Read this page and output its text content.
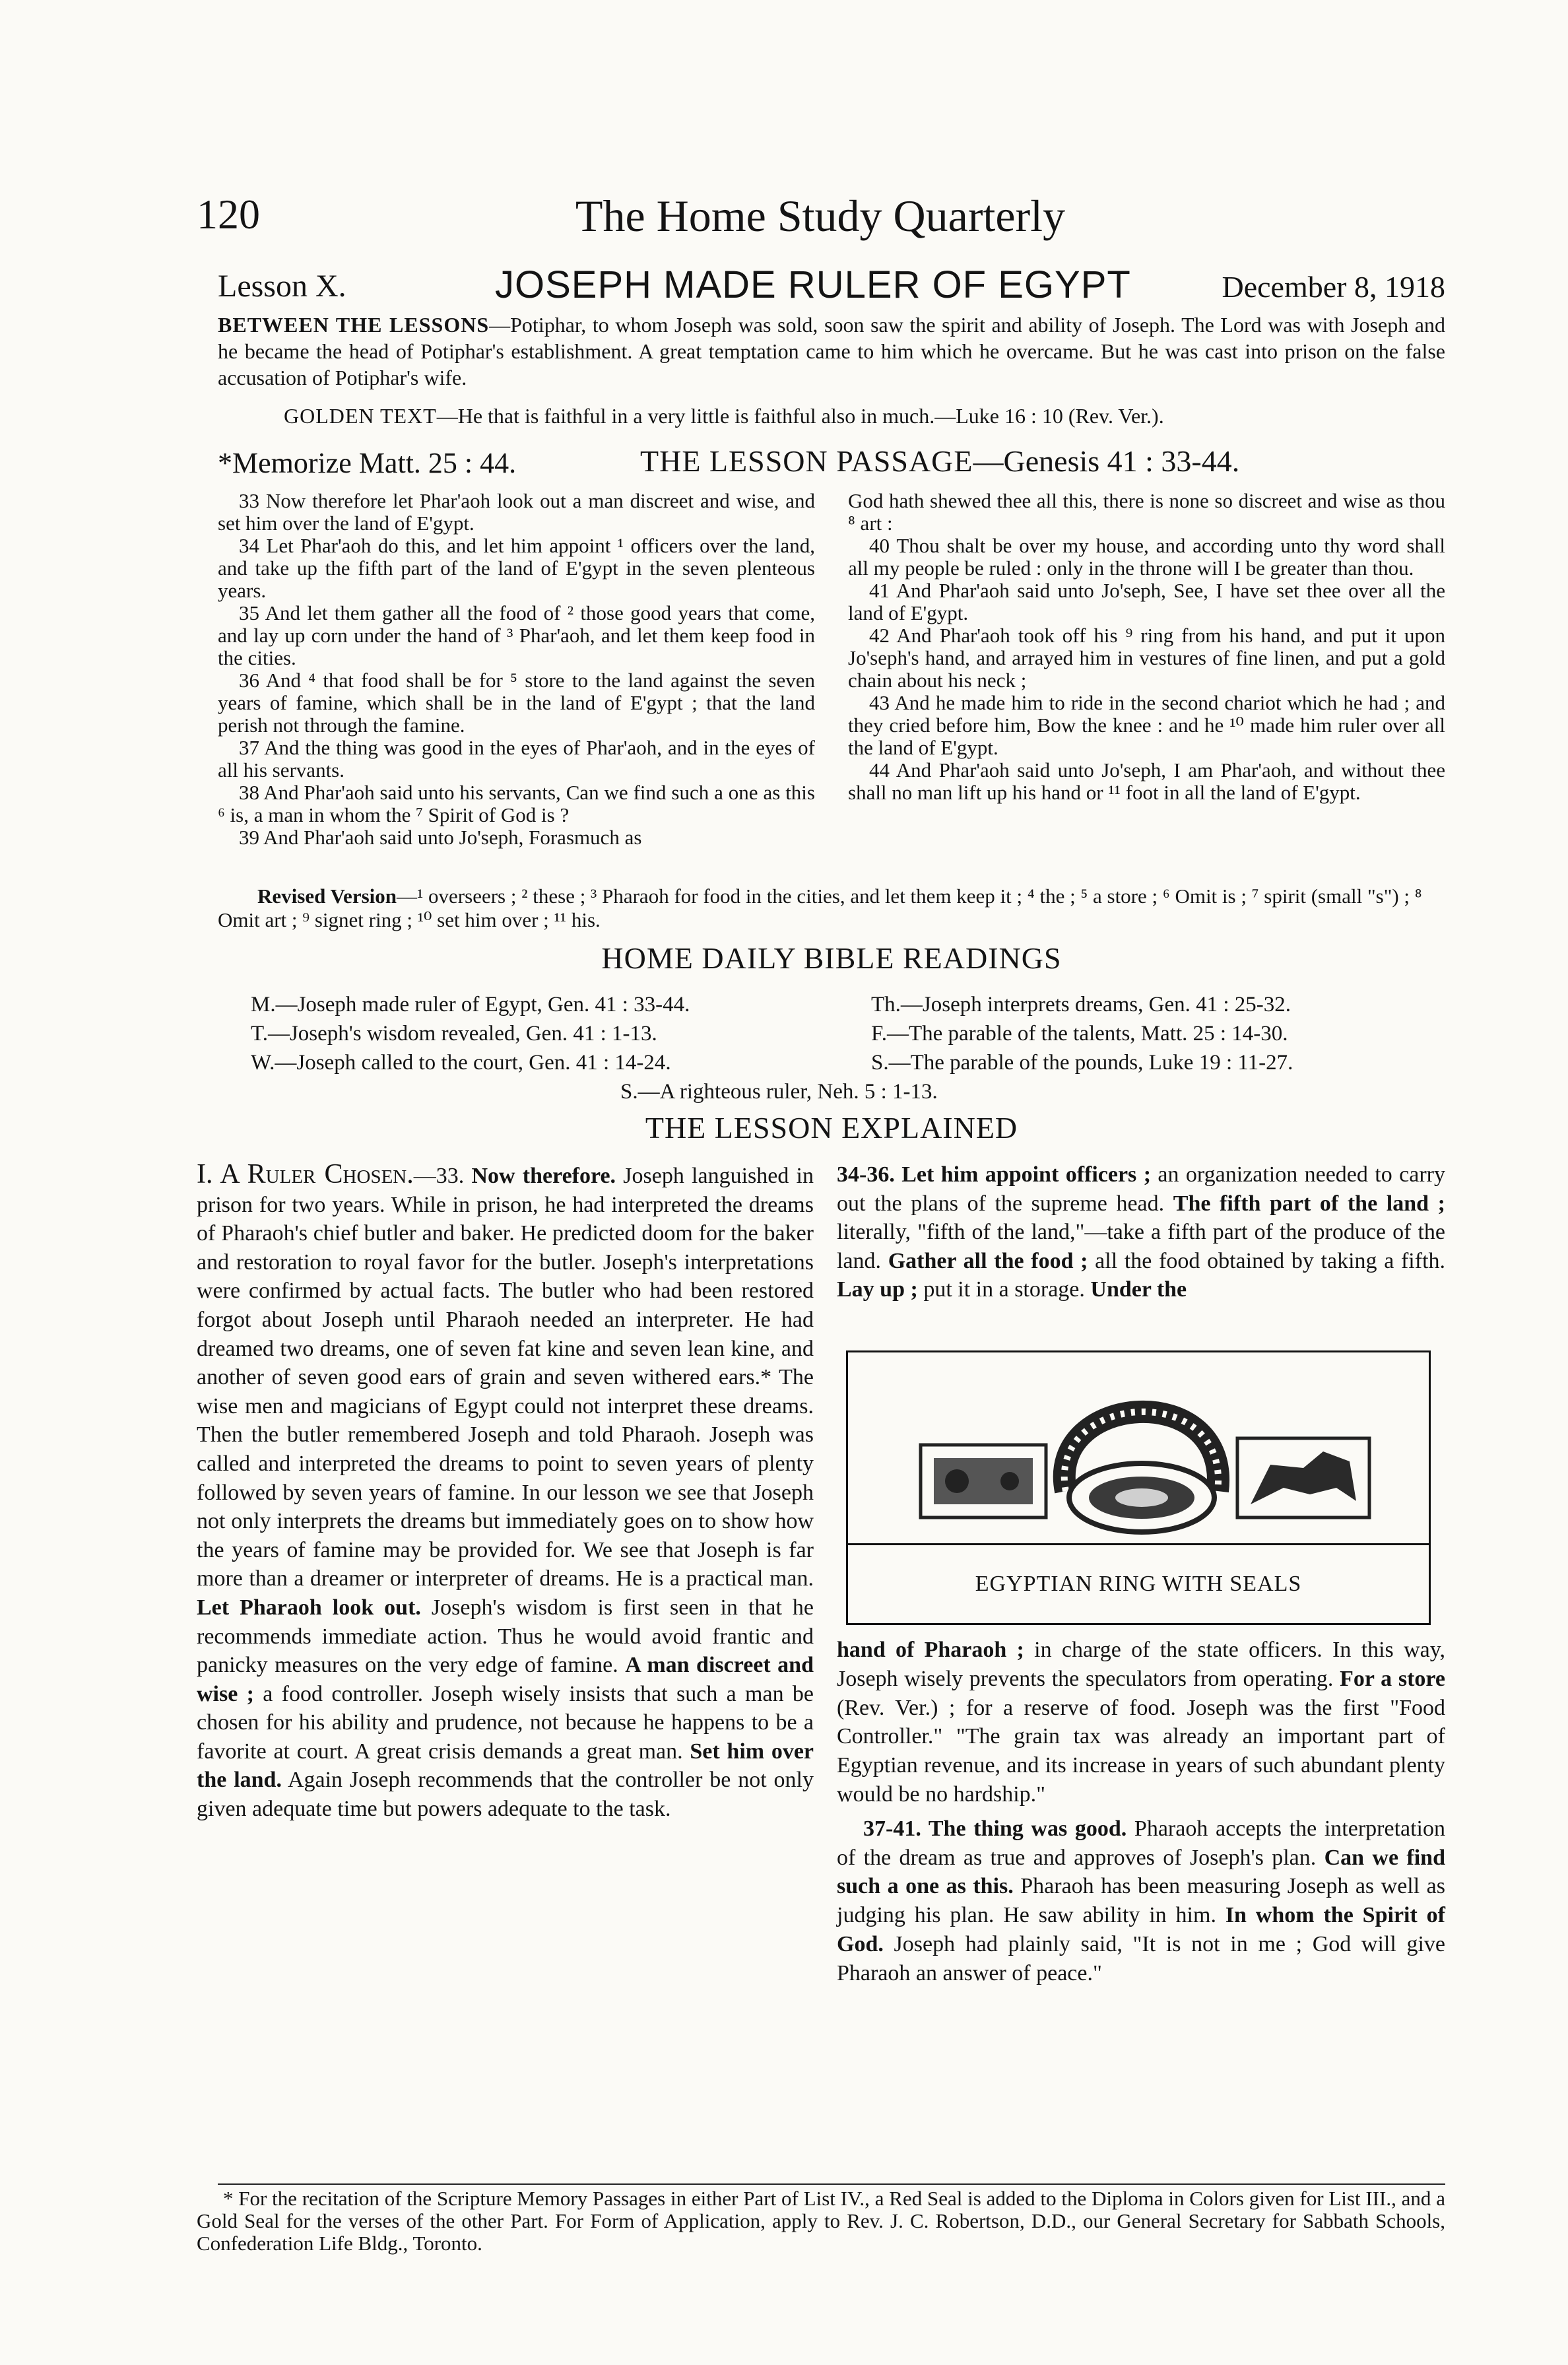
120	The Home Study Quarterly
Lesson X.	JOSEPH MADE RULER OF EGYPT	December 8, 1918
BETWEEN THE LESSONS—Potiphar, to whom Joseph was sold, soon saw the spirit and ability of Joseph. The Lord was with Joseph and he became the head of Potiphar's establishment. A great temptation came to him which he overcame. But he was cast into prison on the false accusation of Potiphar's wife.
GOLDEN TEXT—He that is faithful in a very little is faithful also in much.—Luke 16 : 10 (Rev. Ver.).
*Memorize Matt. 25 : 44.	THE LESSON PASSAGE—Genesis 41 : 33-44.

33 Now therefore let Phar'aoh look out a man discreet and wise, and set him over the land of E'gypt.

34 Let Phar'aoh do this, and let him appoint ¹ officers over the land, and take up the fifth part of the land of E'gypt in the seven plenteous years.

35 And let them gather all the food of ² those good years that come, and lay up corn under the hand of ³ Phar'aoh, and let them keep food in the cities.

36 And ⁴ that food shall be for ⁵ store to the land against the seven years of famine, which shall be in the land of E'gypt ; that the land perish not through the famine.

37 And the thing was good in the eyes of Phar'aoh, and in the eyes of all his servants.

38 And Phar'aoh said unto his servants, Can we find such a one as this ⁶ is, a man in whom the ⁷ Spirit of God is ?

39 And Phar'aoh said unto Jo'seph, Forasmuch as

God hath shewed thee all this, there is none so discreet and wise as thou ⁸ art :

40 Thou shalt be over my house, and according unto thy word shall all my people be ruled : only in the throne will I be greater than thou.

41 And Phar'aoh said unto Jo'seph, See, I have set thee over all the land of E'gypt.

42 And Phar'aoh took off his ⁹ ring from his hand, and put it upon Jo'seph's hand, and arrayed him in vestures of fine linen, and put a gold chain about his neck ;

43 And he made him to ride in the second chariot which he had ; and they cried before him, Bow the knee : and he ¹⁰ made him ruler over all the land of E'gypt.

44 And Phar'aoh said unto Jo'seph, I am Phar'aoh, and without thee shall no man lift up his hand or ¹¹ foot in all the land of E'gypt.

Revised Version—¹ overseers ; ² these ; ³ Pharaoh for food in the cities, and let them keep it ; ⁴ the ; ⁵ a store ; ⁶ Omit is ; ⁷ spirit (small "s") ; ⁸ Omit art ; ⁹ signet ring ; ¹⁰ set him over ; ¹¹ his.
HOME DAILY BIBLE READINGS
M.—Joseph made ruler of Egypt, Gen. 41 : 33-44.	Th.—Joseph interprets dreams, Gen. 41 : 25-32.
T.—Joseph's wisdom revealed, Gen. 41 : 1-13.	F.—The parable of the talents, Matt. 25 : 14-30.
W.—Joseph called to the court, Gen. 41 : 14-24.	S.—The parable of the pounds, Luke 19 : 11-27.
S.—A righteous ruler, Neh. 5 : 1-13.
THE LESSON EXPLAINED
I. A Ruler Chosen.—33. Now therefore. Joseph languished in prison for two years. While in prison, he had interpreted the dreams of Pharaoh's chief butler and baker. He predicted doom for the baker and restoration to royal favor for the butler. Joseph's interpretations were confirmed by actual facts. The butler who had been restored forgot about Joseph until Pharaoh needed an interpreter. He had dreamed two dreams, one of seven fat kine and seven lean kine, and another of seven good ears of grain and seven withered ears.* The wise men and magicians of Egypt could not interpret these dreams. Then the butler remembered Joseph and told Pharaoh. Joseph was called and interpreted the dreams to point to seven years of plenty followed by seven years of famine. In our lesson we see that Joseph not only interprets the dreams but immediately goes on to show how the years of famine may be provided for. We see that Joseph is far more than a dreamer or interpreter of dreams. He is a practical man. Let Pharaoh look out. Joseph's wisdom is first seen in that he recommends immediate action. Thus he would avoid frantic and panicky measures on the very edge of famine. A man discreet and wise ; a food controller. Joseph wisely insists that such a man be chosen for his ability and prudence, not because he happens to be a favorite at court. A great crisis demands a great man. Set him over the land. Again Joseph recommends that the controller be not only given adequate time but powers adequate to the task.
34-36. Let him appoint officers ; an organization needed to carry out the plans of the supreme head. The fifth part of the land ; literally, "fifth of the land,"—take a fifth part of the produce of the land. Gather all the food ; all the food obtained by taking a fifth. Lay up ; put it in a storage. Under the
EGYPTIAN RING WITH SEALS
hand of Pharaoh ; in charge of the state officers. In this way, Joseph wisely prevents the speculators from operating. For a store (Rev. Ver.) ; for a reserve of food. Joseph was the first "Food Controller." "The grain tax was already an important part of Egyptian revenue, and its increase in years of such abundant plenty would be no hardship."
37-41. The thing was good. Pharaoh accepts the interpretation of the dream as true and approves of Joseph's plan. Can we find such a one as this. Pharaoh has been measuring Joseph as well as judging his plan. He saw ability in him. In whom the Spirit of God. Joseph had plainly said, "It is not in me ; God will give Pharaoh an answer of peace."
* For the recitation of the Scripture Memory Passages in either Part of List IV., a Red Seal is added to the Diploma in Colors given for List III., and a Gold Seal for the verses of the other Part. For Form of Application, apply to Rev. J. C. Robertson, D.D., our General Secretary for Sabbath Schools, Confederation Life Bldg., Toronto.
